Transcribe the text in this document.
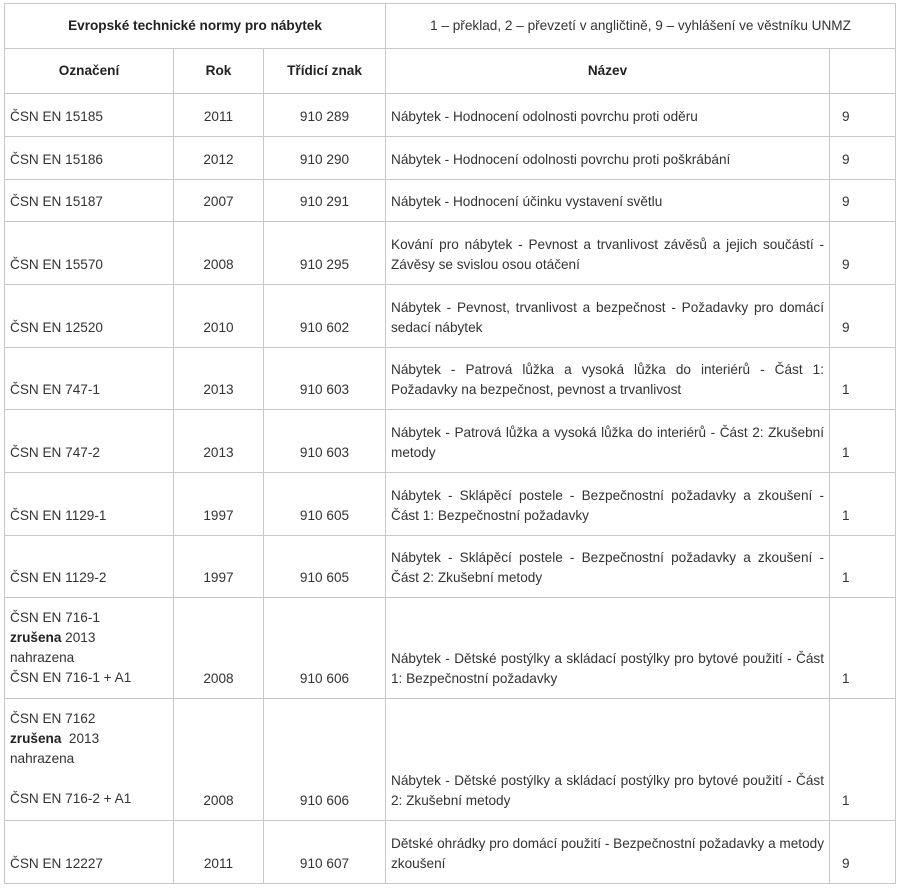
Evropské technické normy pro nábytek			1 – překlad, 2 – převzetí v angličtině, 9 – vyhlášení ve věstníku UNMZ	
Označení	Rok	Třídicí znak	Název	
ČSN EN 15185	2011	910 289	Nábytek - Hodnocení odolnosti povrchu proti oděru	9
ČSN EN 15186	2012	910 290	Nábytek - Hodnocení odolnosti povrchu proti poškrábání	9
ČSN EN 15187	2007	910 291	Nábytek - Hodnocení účinku vystavení světlu	9
ČSN EN 15570	2008	910 295	Kování pro nábytek - Pevnost a trvanlivost závěsů a jejich součástí - Závěsy se svislou osou otáčení	9
ČSN EN 12520	2010	910 602	Nábytek - Pevnost, trvanlivost a bezpečnost - Požadavky pro domácí sedací nábytek	9
ČSN EN 747-1	2013	910 603	Nábytek - Patrová lůžka a vysoká lůžka do interiérů - Část 1: Požadavky na bezpečnost, pevnost a trvanlivost	1
ČSN EN 747-2	2013	910 603	Nábytek - Patrová lůžka a vysoká lůžka do interiérů - Část 2: Zkušební metody	1
ČSN EN 1129-1	1997	910 605	Nábytek - Sklápěcí postele - Bezpečnostní požadavky a zkoušení - Část 1: Bezpečnostní požadavky	1
ČSN EN 1129-2	1997	910 605	Nábytek - Sklápěcí postele - Bezpečnostní požadavky a zkoušení - Část 2: Zkušební metody	1

ČSN EN 716-1
zrušena 2013
nahrazena
ČSN EN 716-1 + A1	2008	910 606	Nábytek - Dětské postýlky a skládací postýlky pro bytové použití - Část 1: Bezpečnostní požadavky	1

ČSN EN 7162
zrušena  2013
nahrazena
ČSN EN 716-2 + A1	2008	910 606	Nábytek - Dětské postýlky a skládací postýlky pro bytové použití - Část 2: Zkušební metody	1
ČSN EN 12227	2011	910 607	Dětské ohrádky pro domácí použití - Bezpečnostní požadavky a metody zkoušení	9
